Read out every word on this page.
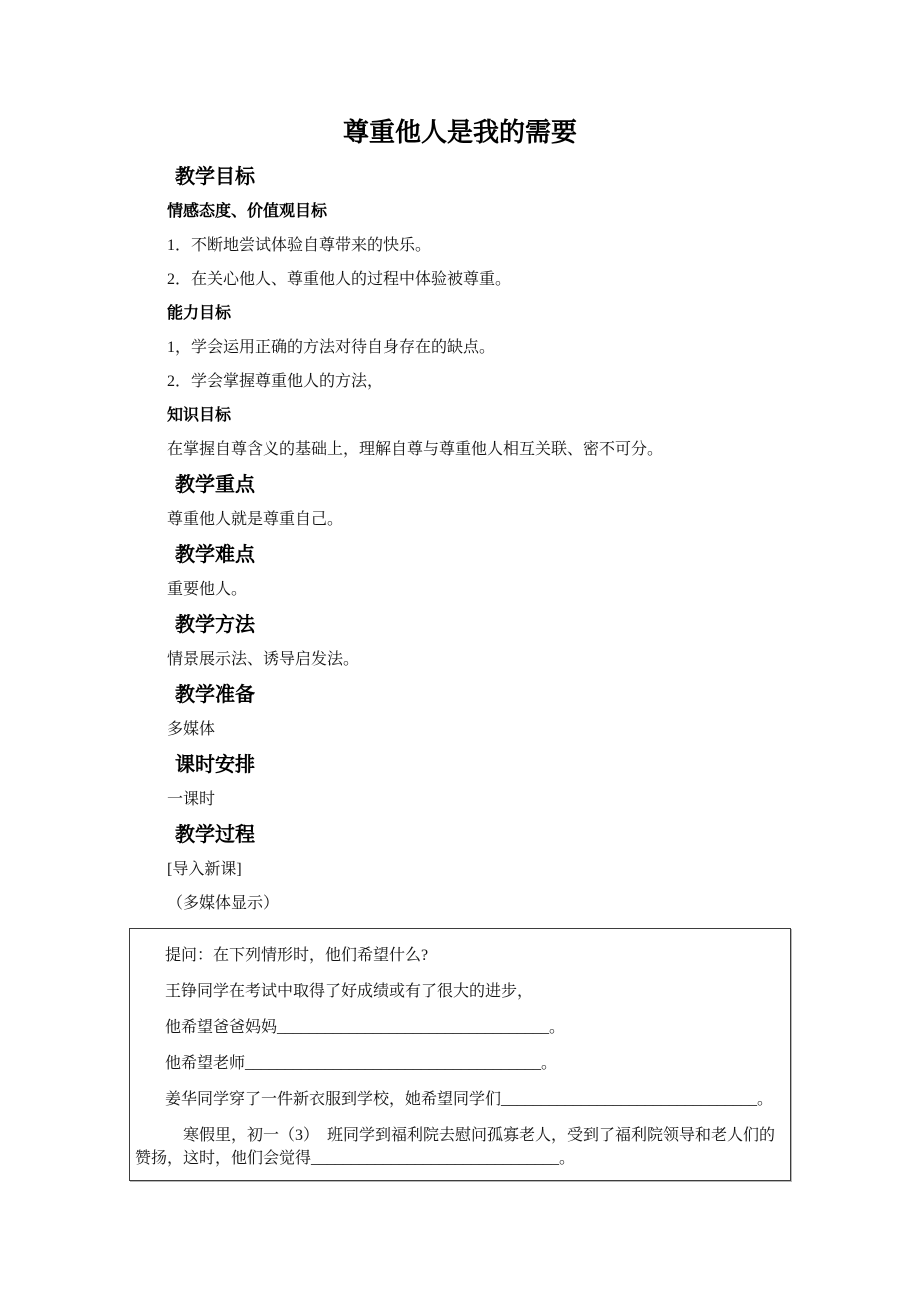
尊重他人是我的需要
教学目标
情感态度、价值观目标
1．不断地尝试体验自尊带来的快乐。
2．在关心他人、尊重他人的过程中体验被尊重。
能力目标
1，学会运用正确的方法对待自身存在的缺点。
2．学会掌握尊重他人的方法，
知识目标
在掌握自尊含义的基础上，理解自尊与尊重他人相互关联、密不可分。
教学重点
尊重他人就是尊重自己。
教学难点
重要他人。
教学方法
情景展示法、诱导启发法。
教学准备
多媒体
课时安排
一课时
教学过程
[导入新课]
（多媒体显示）
提问：在下列情形时，他们希望什么?
王铮同学在考试中取得了好成绩或有了很大的进步，
他希望爸爸妈妈__________________________________。
他希望老师_____________________________________。
姜华同学穿了一件新衣服到学校，她希望同学们________________________________。
寒假里，初一（3）　班同学到福利院去慰问孤寡老人，受到了福利院领导和老人们的
赞扬，这时，他们会觉得_______________________________。
